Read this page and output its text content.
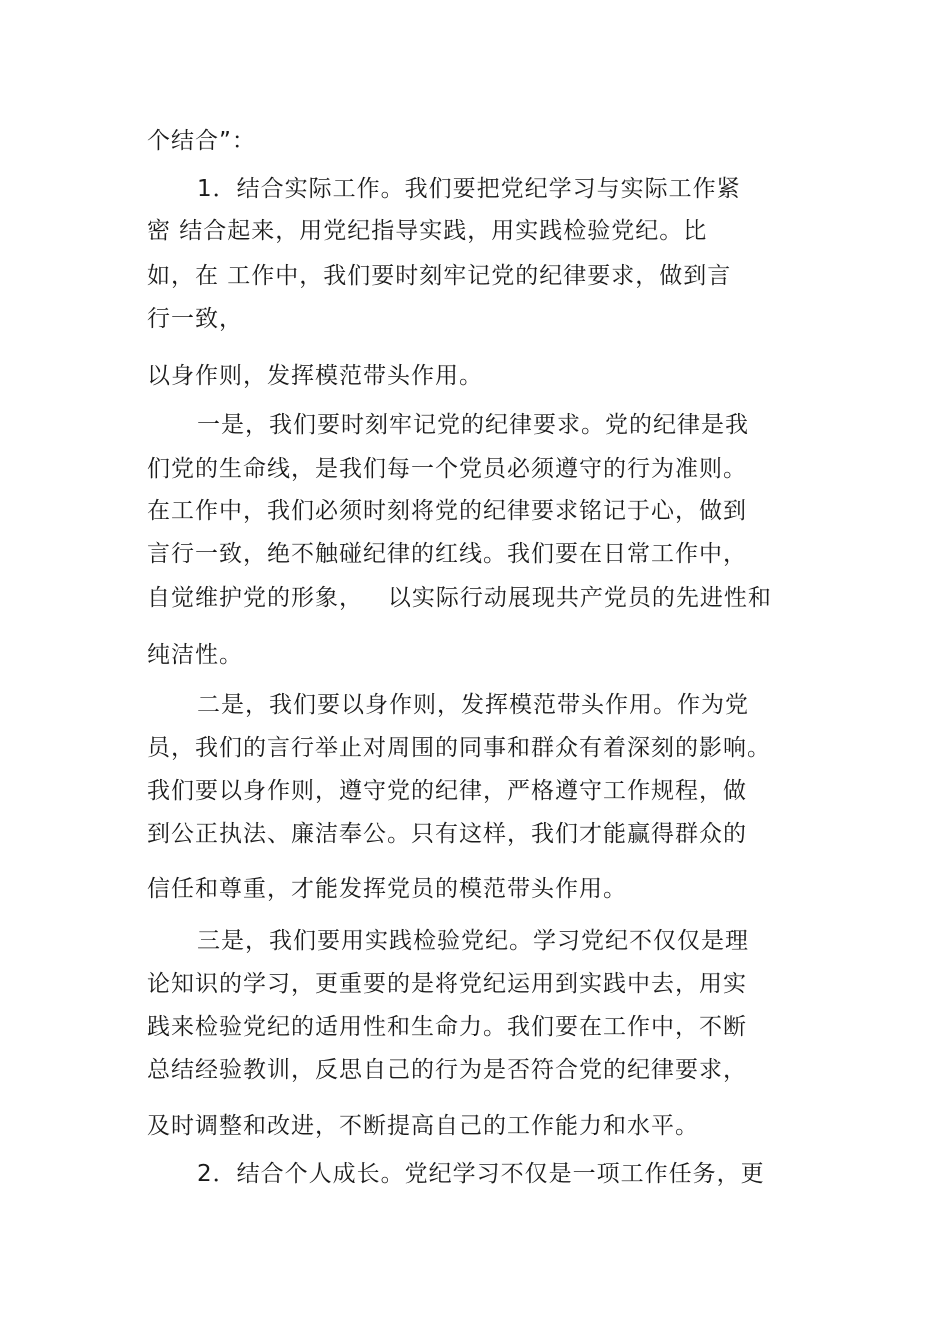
个结合”：

1．结合实际工作。我们要把党纪学习与实际工作紧

密 结合起来，用党纪指导实践，用实践检验党纪。比

如，在 工作中，我们要时刻牢记党的纪律要求，做到言

行一致，

以身作则，发挥模范带头作用。

一是，我们要时刻牢记党的纪律要求。党的纪律是我

们党的生命线，是我们每一个党员必须遵守的行为准则。

在工作中，我们必须时刻将党的纪律要求铭记于心，做到

言行一致，绝不触碰纪律的红线。我们要在日常工作中，

自觉维护党的形象，   以实际行动展现共产党员的先进性和

纯洁性。

二是，我们要以身作则，发挥模范带头作用。作为党

员，我们的言行举止对周围的同事和群众有着深刻的影响。

我们要以身作则，遵守党的纪律，严格遵守工作规程，做

到公正执法、廉洁奉公。只有这样，我们才能赢得群众的

信任和尊重，才能发挥党员的模范带头作用。

三是，我们要用实践检验党纪。学习党纪不仅仅是理

论知识的学习，更重要的是将党纪运用到实践中去，用实

践来检验党纪的适用性和生命力。我们要在工作中，不断

总结经验教训，反思自己的行为是否符合党的纪律要求，

及时调整和改进，不断提高自己的工作能力和水平。

2．结合个人成长。党纪学习不仅是一项工作任务，更
